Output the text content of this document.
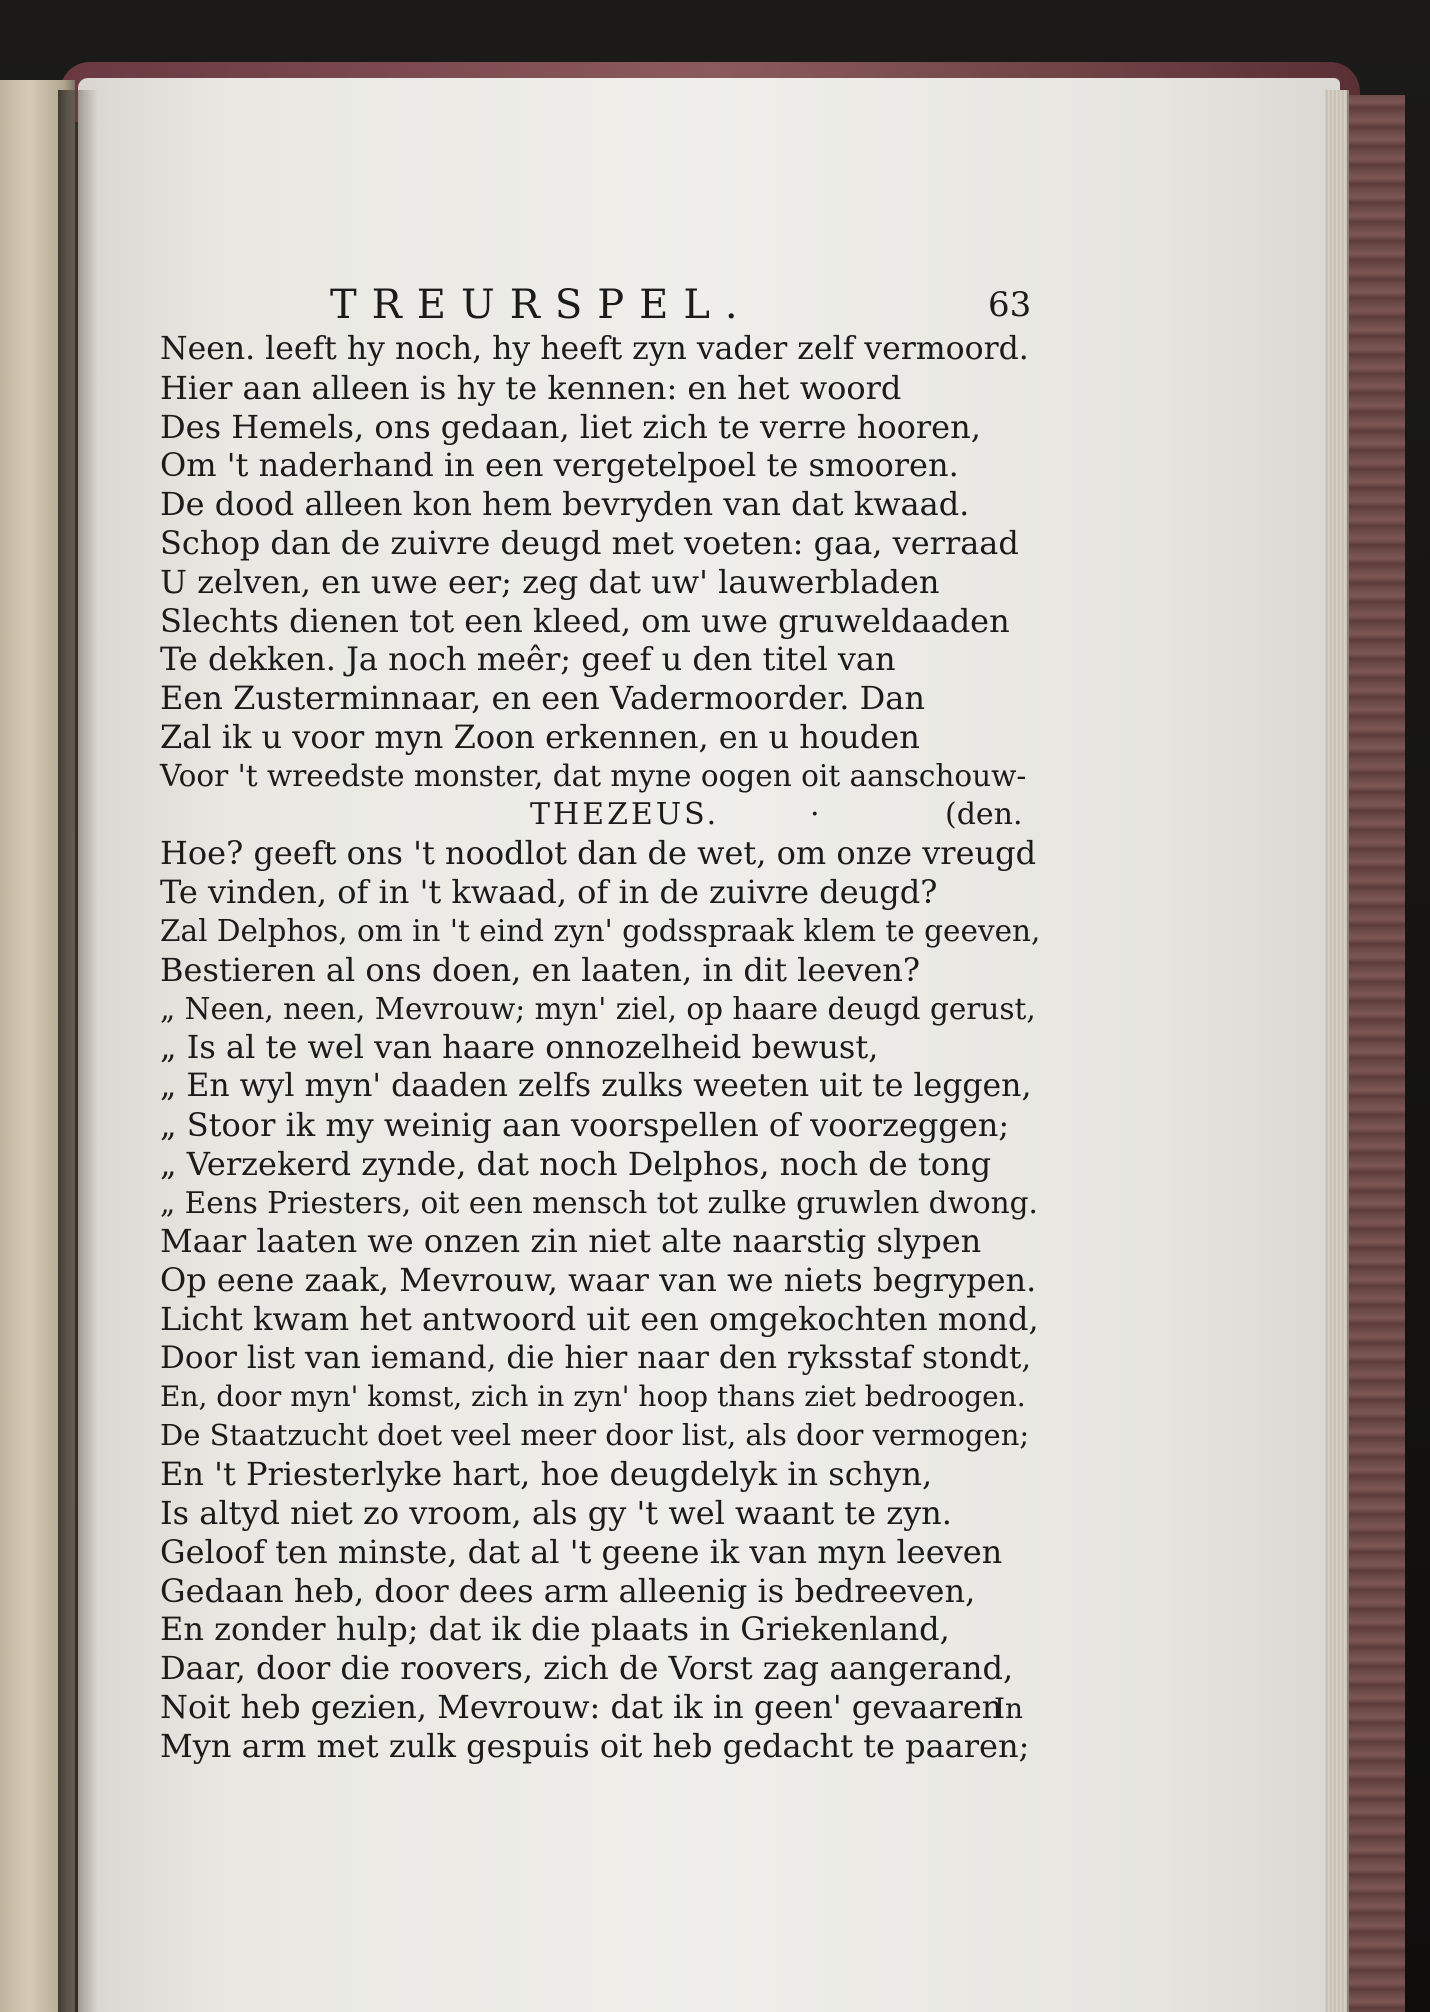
TREURSPEL.	63
Neen. leeft hy noch, hy heeft zyn vader zelf vermoord.
Hier aan alleen is hy te kennen: en het woord
Des Hemels, ons gedaan, liet zich te verre hooren,
Om 't naderhand in een vergetelpoel te smooren.
De dood alleen kon hem bevryden van dat kwaad.
Schop dan de zuivre deugd met voeten: gaa, verraad
U zelven, en uwe eer; zeg dat uw' lauwerbladen
Slechts dienen tot een kleed, om uwe gruweldaaden
Te dekken. Ja noch meêr; geef u den titel van
Een Zusterminnaar, en een Vadermoorder. Dan
Zal ik u voor myn Zoon erkennen, en u houden
Voor 't wreedste monster, dat myne oogen oit aanschouw-
THEZEUS.	·	(den.
Hoe? geeft ons 't noodlot dan de wet, om onze vreugd
Te vinden, of in 't kwaad, of in de zuivre deugd?
Zal Delphos, om in 't eind zyn' godsspraak klem te geeven,
Bestieren al ons doen, en laaten, in dit leeven?
„ Neen, neen, Mevrouw; myn' ziel, op haare deugd gerust,
„ Is al te wel van haare onnozelheid bewust,
„ En wyl myn' daaden zelfs zulks weeten uit te leggen,
„ Stoor ik my weinig aan voorspellen of voorzeggen;
„ Verzekerd zynde, dat noch Delphos, noch de tong
„ Eens Priesters, oit een mensch tot zulke gruwlen dwong.
Maar laaten we onzen zin niet alte naarstig slypen
Op eene zaak, Mevrouw, waar van we niets begrypen.
Licht kwam het antwoord uit een omgekochten mond,
Door list van iemand, die hier naar den ryksstaf stondt,
En, door myn' komst, zich in zyn' hoop thans ziet bedroogen.
De Staatzucht doet veel meer door list, als door vermogen;
En 't Priesterlyke hart, hoe deugdelyk in schyn,
Is altyd niet zo vroom, als gy 't wel waant te zyn.
Geloof ten minste, dat al 't geene ik van myn leeven
Gedaan heb, door dees arm alleenig is bedreeven,
En zonder hulp; dat ik die plaats in Griekenland,
Daar, door die roovers, zich de Vorst zag aangerand,
Noit heb gezien, Mevrouw: dat ik in geen' gevaaren
Myn arm met zulk gespuis oit heb gedacht te paaren;
In
